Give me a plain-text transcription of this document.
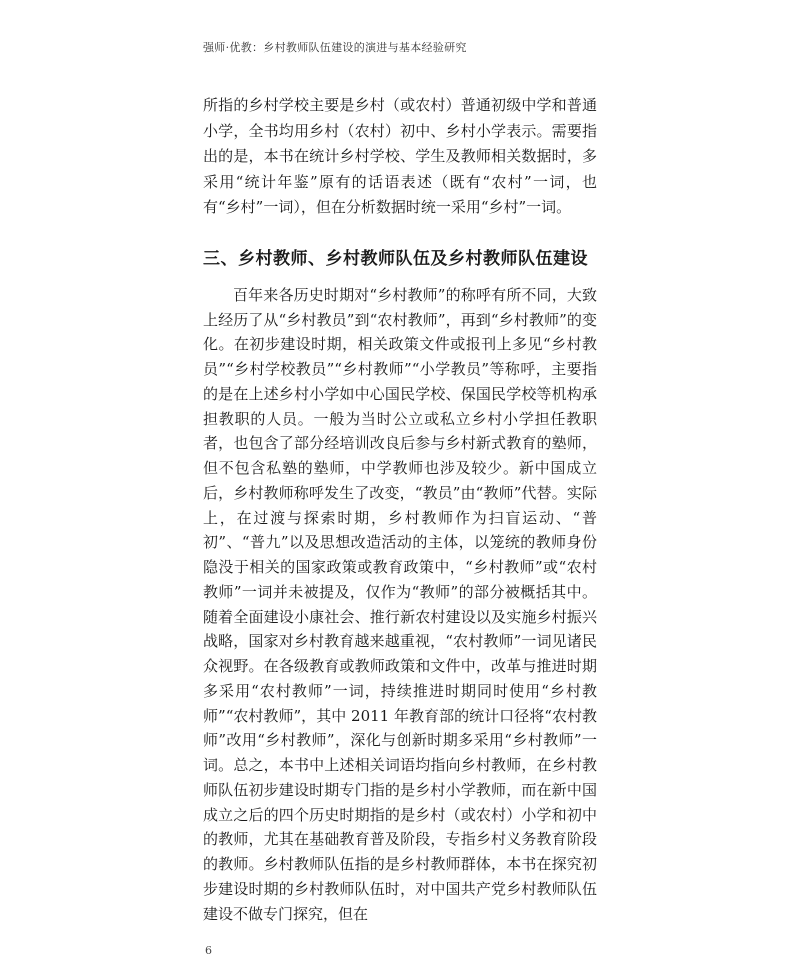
强师·优教：乡村教师队伍建设的演进与基本经验研究
所指的乡村学校主要是乡村（或农村）普通初级中学和普通小学，全书均用乡村（农村）初中、乡村小学表示。需要指出的是，本书在统计乡村学校、学生及教师相关数据时，多采用“统计年鉴”原有的话语表述（既有“农村”一词，也有“乡村”一词），但在分析数据时统一采用“乡村”一词。
三、乡村教师、乡村教师队伍及乡村教师队伍建设
百年来各历史时期对“乡村教师”的称呼有所不同，大致上经历了从“乡村教员”到“农村教师”，再到“乡村教师”的变化。在初步建设时期，相关政策文件或报刊上多见“乡村教员”“乡村学校教员”“乡村教师”“小学教员”等称呼，主要指的是在上述乡村小学如中心国民学校、保国民学校等机构承担教职的人员。一般为当时公立或私立乡村小学担任教职者，也包含了部分经培训改良后参与乡村新式教育的塾师，但不包含私塾的塾师，中学教师也涉及较少。新中国成立后，乡村教师称呼发生了改变，“教员”由“教师”代替。实际上，在过渡与探索时期，乡村教师作为扫盲运动、“普初”、“普九”以及思想改造活动的主体，以笼统的教师身份隐没于相关的国家政策或教育政策中，“乡村教师”或“农村教师”一词并未被提及，仅作为“教师”的部分被概括其中。随着全面建设小康社会、推行新农村建设以及实施乡村振兴战略，国家对乡村教育越来越重视，“农村教师”一词见诸民众视野。在各级教育或教师政策和文件中，改革与推进时期多采用“农村教师”一词，持续推进时期同时使用“乡村教师”“农村教师”，其中 2011 年教育部的统计口径将“农村教师”改用“乡村教师”，深化与创新时期多采用“乡村教师”一词。总之，本书中上述相关词语均指向乡村教师，在乡村教师队伍初步建设时期专门指的是乡村小学教师，而在新中国成立之后的四个历史时期指的是乡村（或农村）小学和初中的教师，尤其在基础教育普及阶段，专指乡村义务教育阶段的教师。乡村教师队伍指的是乡村教师群体，本书在探究初步建设时期的乡村教师队伍时，对中国共产党乡村教师队伍建设不做专门探究，但在
6
